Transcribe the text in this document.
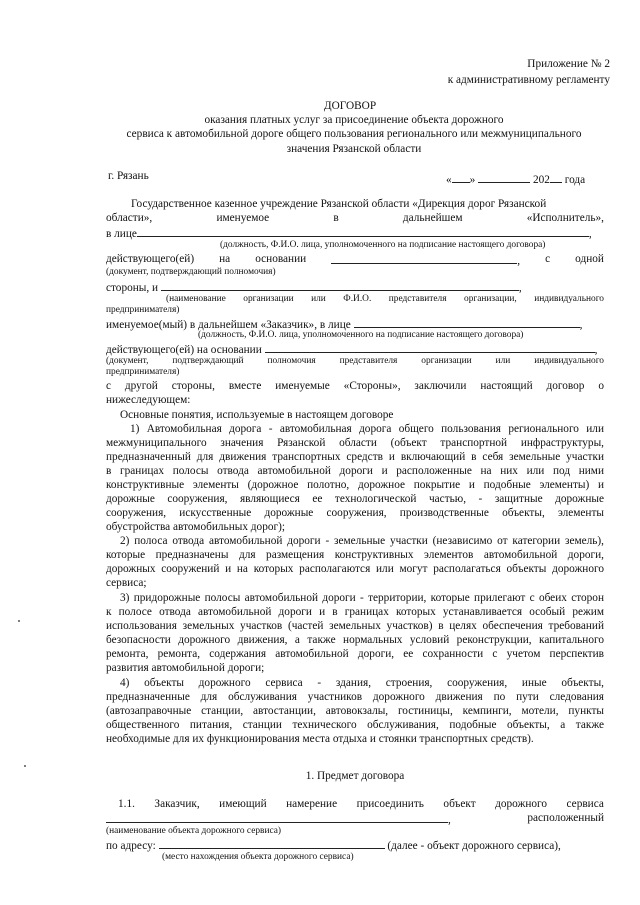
Приложение № 2
к административному регламенту
ДОГОВОР
оказания платных услуг за присоединение объекта дорожного
сервиса к автомобильной дороге общего пользования регионального или межмуниципального
значения Рязанской области
г. Рязань	« »	202 года
Государственное казенное учреждение Рязанской области «Дирекция дорог Рязанской
области»,	именуемое	в	дальнейшем	«Исполнитель»,
в лице	,
(должность, Ф.И.О. лица, уполномоченного на подписание настоящего договора)
действующего(ей) на основании	, с одной
(документ, подтверждающий полномочия)
стороны, и	,
(наименование организации или Ф.И.О. представителя организации, индивидуального
предпринимателя)
именуемое(мый) в дальнейшем «Заказчик», в лице	,
(должность, Ф.И.О. лица, уполномоченного на подписание настоящего договора)
действующего(ей) на основании	,
(документ, подтверждающий полномочия представителя организации или индивидуального
предпринимателя)
с другой стороны, вместе именуемые «Стороны», заключили настоящий договор о
нижеследующем:
Основные понятия, используемые в настоящем договоре
1) Автомобильная дорога - автомобильная дорога общего пользования регионального или
межмуниципального значения Рязанской области (объект транспортной инфраструктуры,
предназначенный для движения транспортных средств и включающий в себя земельные участки
в границах полосы отвода автомобильной дороги и расположенные на них или под ними
конструктивные элементы (дорожное полотно, дорожное покрытие и подобные элементы) и
дорожные сооружения, являющиеся ее технологической частью, - защитные дорожные
сооружения, искусственные дорожные сооружения, производственные объекты, элементы
обустройства автомобильных дорог);
2) полоса отвода автомобильной дороги - земельные участки (независимо от категории земель),
которые предназначены для размещения конструктивных элементов автомобильной дороги,
дорожных сооружений и на которых располагаются или могут располагаться объекты дорожного
сервиса;
3) придорожные полосы автомобильной дороги - территории, которые прилегают с обеих сторон
к полосе отвода автомобильной дороги и в границах которых устанавливается особый режим
использования земельных участков (частей земельных участков) в целях обеспечения требований
безопасности дорожного движения, а также нормальных условий реконструкции, капитального
ремонта, ремонта, содержания автомобильной дороги, ее сохранности с учетом перспектив
развития автомобильной дороги;
4) объекты дорожного сервиса - здания, строения, сооружения, иные объекты,
предназначенные для обслуживания участников дорожного движения по пути следования
(автозаправочные станции, автостанции, автовокзалы, гостиницы, кемпинги, мотели, пункты
общественного питания, станции технического обслуживания, подобные объекты, а также
необходимые для их функционирования места отдыха и стоянки транспортных средств).
1. Предмет договора
1.1. Заказчик, имеющий намерение присоединить объект дорожного сервиса
,	расположенный
(наименование объекта дорожного сервиса)
по адресу:	(далее - объект дорожного сервиса),
(место нахождения объекта дорожного сервиса)
